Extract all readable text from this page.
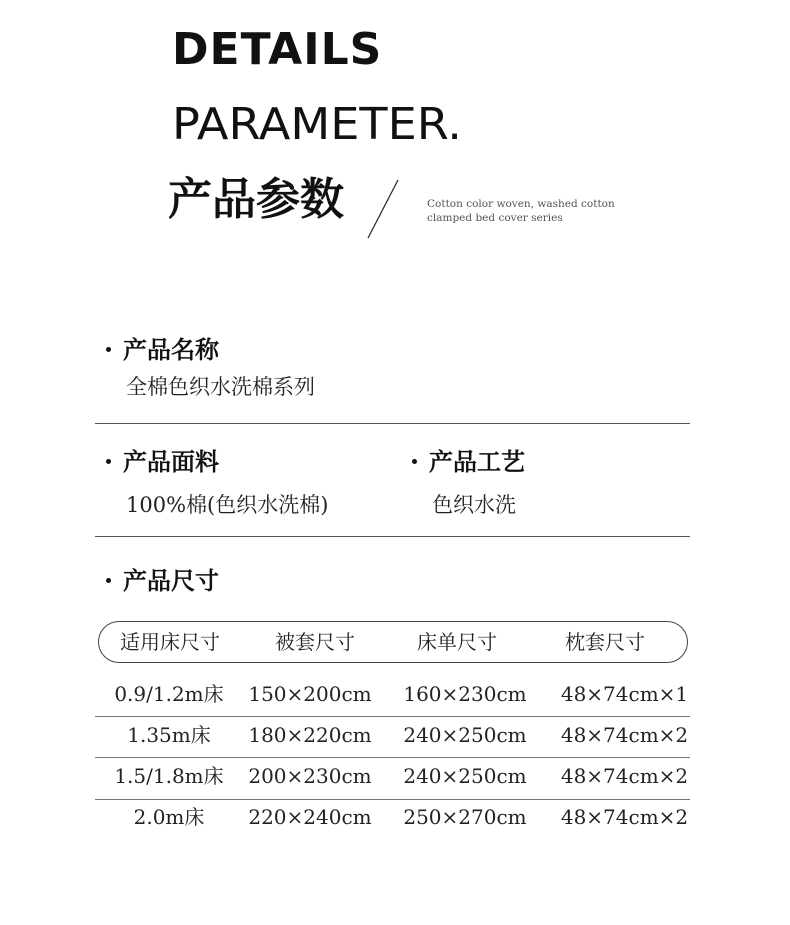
DETAILS
PARAMETER.
产品参数	Cotton color woven, washed cotton clamped bed cover series
产品名称
全棉色织水洗棉系列
产品面料
100%棉(色织水洗棉)
产品工艺
色织水洗
产品尺寸
适用床尺寸	被套尺寸	床单尺寸	枕套尺寸
0.9/1.2m床	150×200cm 160×230cm 48×74cm×1
1.35m床	180×220cm 240×250cm 48×74cm×2
1.5/1.8m床	200×230cm 240×250cm 48×74cm×2
2.0m床	220×240cm 250×270cm 48×74cm×2
